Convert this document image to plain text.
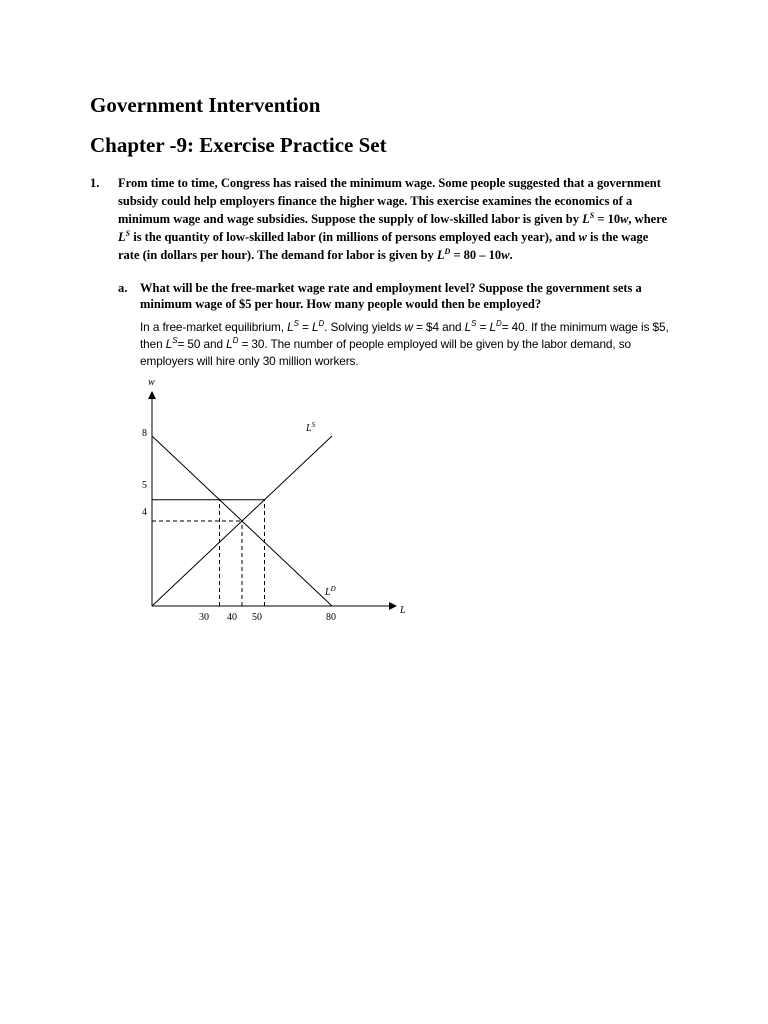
Government Intervention
Chapter -9: Exercise Practice Set
1. From time to time, Congress has raised the minimum wage. Some people suggested that a government subsidy could help employers finance the higher wage. This exercise examines the economics of a minimum wage and wage subsidies. Suppose the supply of low-skilled labor is given by $L^S = 10w$, where $L^S$ is the quantity of low-skilled labor (in millions of persons employed each year), and w is the wage rate (in dollars per hour). The demand for labor is given by $L^D = 80 - 10w$.
a. What will be the free-market wage rate and employment level? Suppose the government sets a minimum wage of $5 per hour. How many people would then be employed?
In a free-market equilibrium, $L^S = L^D$. Solving yields w = $4 and $L^S = L^D= 40$. If the minimum wage is $5, then $L^S= 50$ and $L^D = 30$. The number of people employed will be given by the labor demand, so employers will hire only 30 million workers.
w
L
8
5
4
30 40 50	80
$L^S$
$L^D$
